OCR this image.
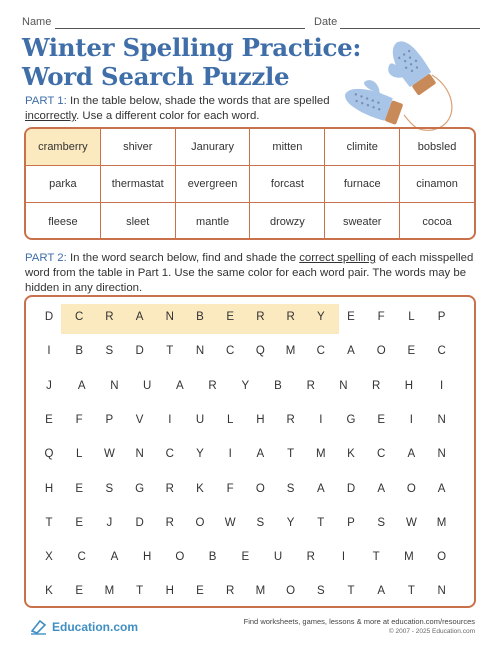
Name	Date
Winter Spelling Practice:
Word Search Puzzle
PART 1: In the table below, shade the words that are spelled incorrectly. Use a different color for each word.
cramberry	shiver	Janurary	mitten	climite	bobsled
parka	thermastat	evergreen	forcast	furnace	cinamon
fleese	sleet	mantle	drowzy	sweater	cocoa
PART 2: In the word search below, find and shade the correct spelling of each misspelled word from the table in Part 1. Use the same color for each word pair. The words may be hidden in any direction.
D	C	R	A	N	B	E	R	R	Y	E	F	L	P
I	B	S	D	T	N	C	Q	M	C	A	O	E	C
J	A	N	U	A	R	Y	B	R	N	R	H	I
E	F	P	V	I	U	L	H	R	I	G	E	I	N
Q	L	W	N	C	Y	I	A	T	M	K	C	A	N
H	E	S	G	R	K	F	O	S	A	D	A	O	A
T	E	J	D	R	O	W	S	Y	T	P	S	W	M
X	C	A	H	O	B	E	U	R	I	T	M	O
K	E	M	T	H	E	R	M	O	S	T	A	T	N
Education.com	Find worksheets, games, lessons & more at education.com/resources
© 2007 - 2025 Education.com
